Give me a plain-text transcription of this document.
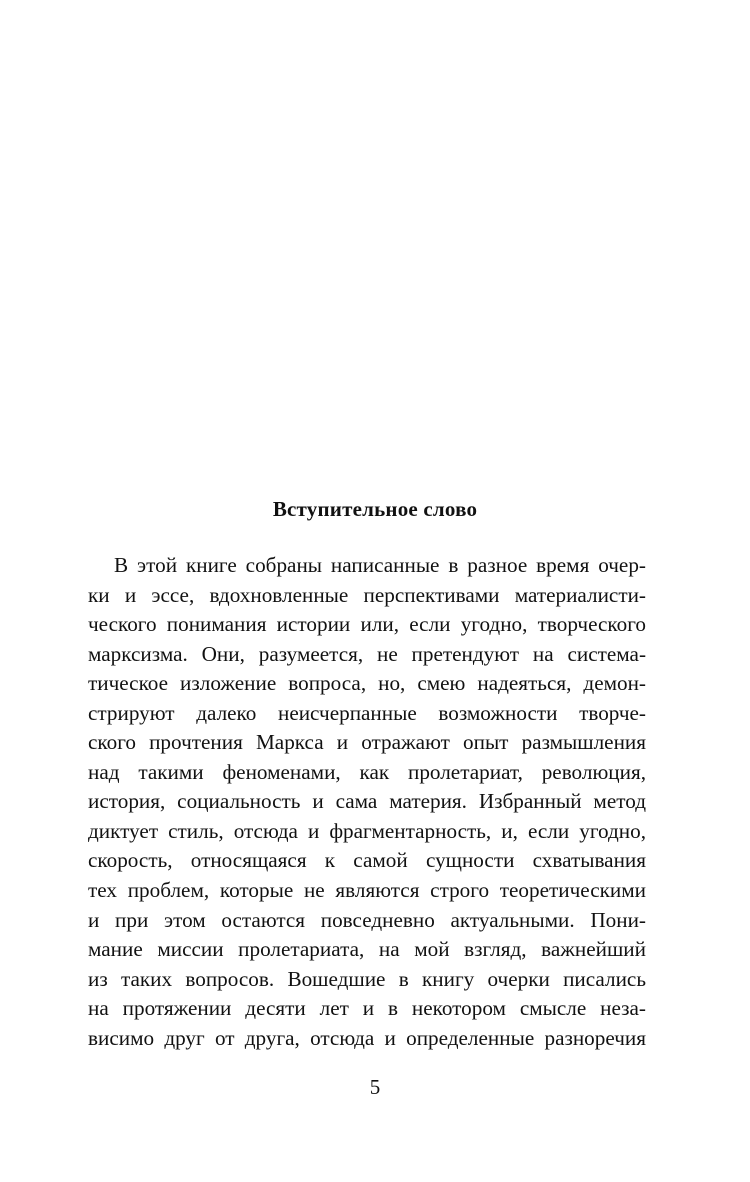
Вступительное слово
В этой книге собраны написанные в разное время очер-
ки и эссе, вдохновленные перспективами материалисти-
ческого понимания истории или, если угодно, творческого
марксизма. Они, разумеется, не претендуют на система-
тическое изложение вопроса, но, смею надеяться, демон-
стрируют далеко неисчерпанные возможности творче-
ского прочтения Маркса и отражают опыт размышления
над такими феноменами, как пролетариат, революция,
история, социальность и сама материя. Избранный метод
диктует стиль, отсюда и фрагментарность, и, если угодно,
скорость, относящаяся к самой сущности схватывания
тех проблем, которые не являются строго теоретическими
и при этом остаются повседневно актуальными. Пони-
мание миссии пролетариата, на мой взгляд, важнейший
из таких вопросов. Вошедшие в книгу очерки писались
на протяжении десяти лет и в некотором смысле неза-
висимо друг от друга, отсюда и определенные разноречия
5
